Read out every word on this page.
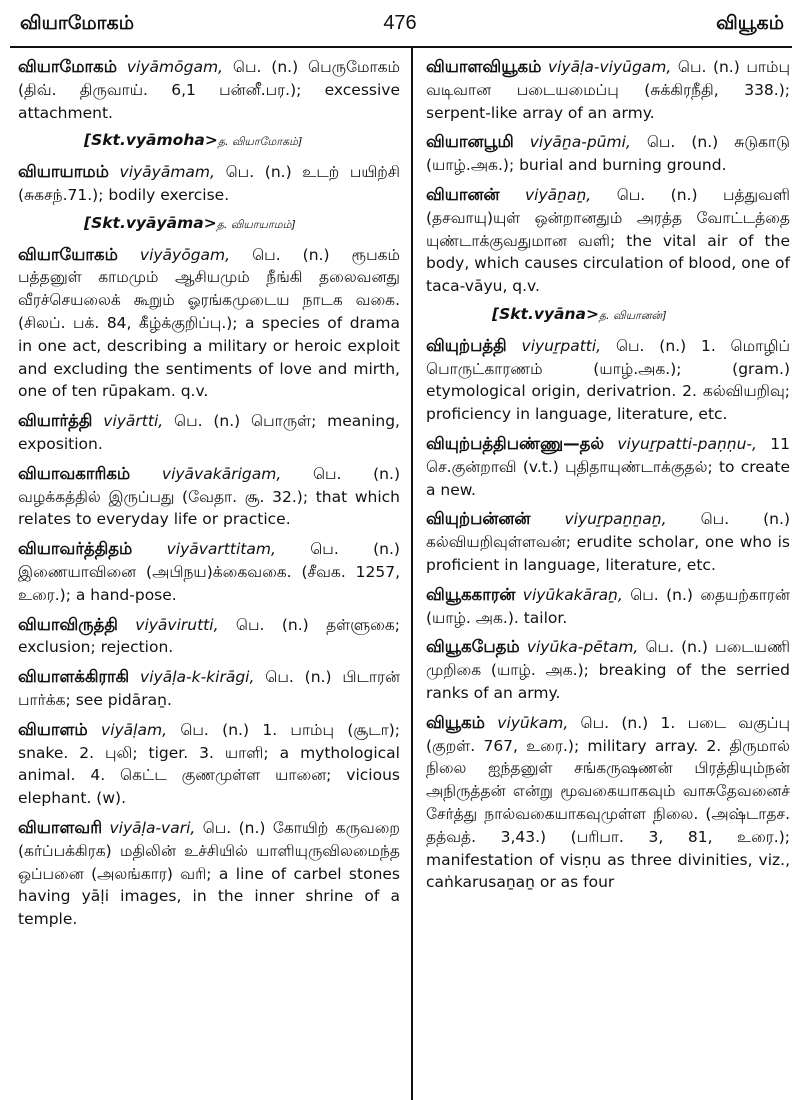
வியாமோகம்	476	வியூகம்
வியாமோகம் viyāmōgam, பெ. (n.) பெருமோகம் (திவ். திருவாய். 6,1 பன்னீ.பர.); excessive attachment.
[Skt.vyāmoha>த. வியாமோகம்]
வியாயாமம் viyāyāmam, பெ. (n.) உடற் பயிற்சி (சுகசந்.71.); bodily exercise.
[Skt.vyāyāma>த. வியாயாமம்]
வியாயோகம் viyāyōgam, பெ. (n.) ரூபகம் பத்தனுள் காமமும் ஆசியமும் நீங்கி தலைவனது வீரச்செயலைக் கூறும் ஓரங்கமுடைய நாடக வகை. (சிலப். பக். 84, கீழ்க்குறிப்பு.); a species of drama in one act, describing a military or heroic exploit and excluding the sentiments of love and mirth, one of ten rūpakam. q.v.
வியார்த்தி viyārtti, பெ. (n.) பொருள்; meaning, exposition.
வியாவகாரிகம் viyāvakārigam, பெ. (n.) வழக்கத்தில் இருப்பது (வேதா. சூ. 32.); that which relates to everyday life or practice.
வியாவர்த்திதம் viyāvarttitam, பெ. (n.) இணையாவினை (அபிநய)க்கைவகை. (சீவக. 1257, உரை.); a hand-pose.
வியாவிருத்தி viyāvirutti, பெ. (n.) தள்ளுகை; exclusion; rejection.
வியாளக்கிராகி viyāḷa-k-kirāgi, பெ. (n.) பிடாரன் பார்க்க; see pidāraṉ.
வியாளம் viyāḷam, பெ. (n.) 1. பாம்பு (சூடா); snake. 2. புலி; tiger. 3. யாளி; a mythological animal. 4. கெட்ட குணமுள்ள யானை; vicious elephant. (w).
வியாளவரி viyāḷa-vari, பெ. (n.) கோயிற் கருவறை (கர்ப்பக்கிரக) மதிலின் உச்சியில் யாளியுருவிலமைந்த ஒப்பனை (அலங்கார) வரி; a line of carbel stones having yāḷi images, in the inner shrine of a temple.
வியாளவியூகம் viyāḷa-viyūgam, பெ. (n.) பாம்பு வடிவான படையமைப்பு (சுக்கிரநீதி, 338.); serpent-like array of an army.
வியானபூமி viyāṉa-pūmi, பெ. (n.) சுடுகாடு (யாழ்.அக.); burial and burning ground.
வியானன் viyāṉaṉ, பெ. (n.) பத்துவளி (தசவாயு)யுள் ஒன்றானதும் அரத்த வோட்டத்தை யுண்டாக்குவதுமான வளி; the vital air of the body, which causes circulation of blood, one of taca-vāyu, q.v.
[Skt.vyāna>த. வியானன்]
வியுற்பத்தி viyuṟpatti, பெ. (n.) 1. மொழிப் பொருட்காரணம் (யாழ்.அக.); (gram.) etymological origin, derivatrion. 2. கல்வியறிவு; proficiency in language, literature, etc.
வியுற்பத்திபண்ணு—தல் viyuṟpatti-paṇṇu-, 11 செ.குன்றாவி (v.t.) புதிதாயுண்டாக்குதல்; to create a new.
வியுற்பன்னன் viyuṟpaṉṉaṉ, பெ. (n.) கல்வியறிவுள்ளவன்; erudite scholar, one who is proficient in language, literature, etc.
வியூககாரன் viyūkakāraṉ, பெ. (n.) தையற்காரன் (யாழ். அக.). tailor.
வியூகபேதம் viyūka-pētam, பெ. (n.) படையணி முறிகை (யாழ். அக.); breaking of the serried ranks of an army.
வியூகம் viyūkam, பெ. (n.) 1. படை வகுப்பு (குறள். 767, உரை.); military array. 2. திருமால் நிலை ஐந்தனுள் சங்கருஷணன் பிரத்தியும்நன் அநிருத்தன் என்று மூவகையாகவும் வாசுதேவனைச் சேர்த்து நால்வகையாகவுமுள்ள நிலை. (அஷ்டாதச. தத்வத். 3,43.) (பரிபா. 3, 81, உரை.); manifestation of visṇu as three divinities, viz., caṅkarusaṉaṉ or as four
